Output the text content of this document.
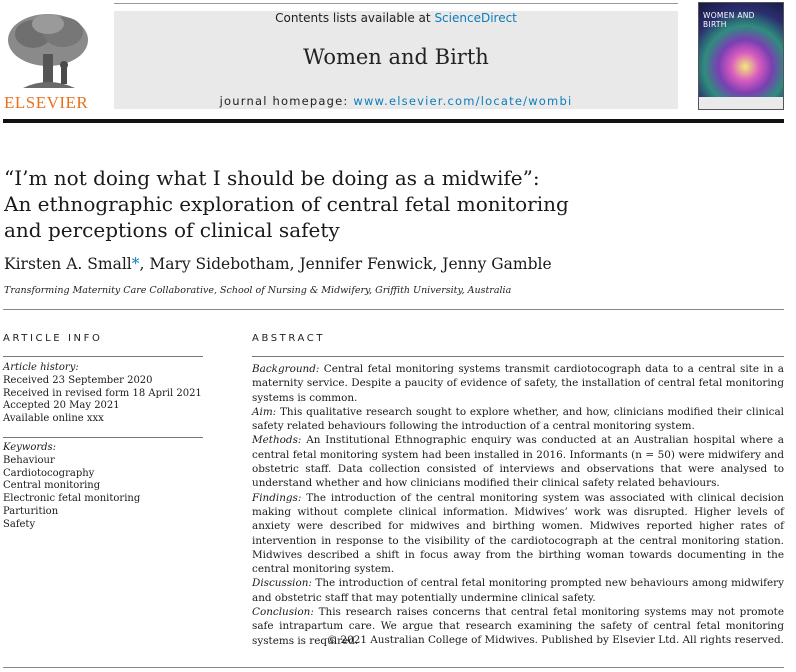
ELSEVIER
Contents lists available at ScienceDirect
Women and Birth
journal homepage: www.elsevier.com/locate/wombi
WOMEN AND BIRTH
“I’m not doing what I should be doing as a midwife”:
An ethnographic exploration of central fetal monitoring
and perceptions of clinical safety
Kirsten A. Small*, Mary Sidebotham, Jennifer Fenwick, Jenny Gamble
Transforming Maternity Care Collaborative, School of Nursing & Midwifery, Griffith University, Australia
ARTICLE INFO
Article history:
Received 23 September 2020
Received in revised form 18 April 2021
Accepted 20 May 2021
Available online xxx
Keywords:
Behaviour
Cardiotocography
Central monitoring
Electronic fetal monitoring
Parturition
Safety
ABSTRACT

Background: Central fetal monitoring systems transmit cardiotocograph data to a central site in a maternity service. Despite a paucity of evidence of safety, the installation of central fetal monitoring systems is common.

Aim: This qualitative research sought to explore whether, and how, clinicians modified their clinical safety related behaviours following the introduction of a central monitoring system.

Methods: An Institutional Ethnographic enquiry was conducted at an Australian hospital where a central fetal monitoring system had been installed in 2016. Informants (n = 50) were midwifery and obstetric staff. Data collection consisted of interviews and observations that were analysed to understand whether and how clinicians modified their clinical safety related behaviours.

Findings: The introduction of the central monitoring system was associated with clinical decision making without complete clinical information. Midwives’ work was disrupted. Higher levels of anxiety were described for midwives and birthing women. Midwives reported higher rates of intervention in response to the visibility of the cardiotocograph at the central monitoring station. Midwives described a shift in focus away from the birthing woman towards documenting in the central monitoring system.

Discussion: The introduction of central fetal monitoring prompted new behaviours among midwifery and obstetric staff that may potentially undermine clinical safety.

Conclusion: This research raises concerns that central fetal monitoring systems may not promote safe intrapartum care. We argue that research examining the safety of central fetal monitoring systems is required.

© 2021 Australian College of Midwives. Published by Elsevier Ltd. All rights reserved.
